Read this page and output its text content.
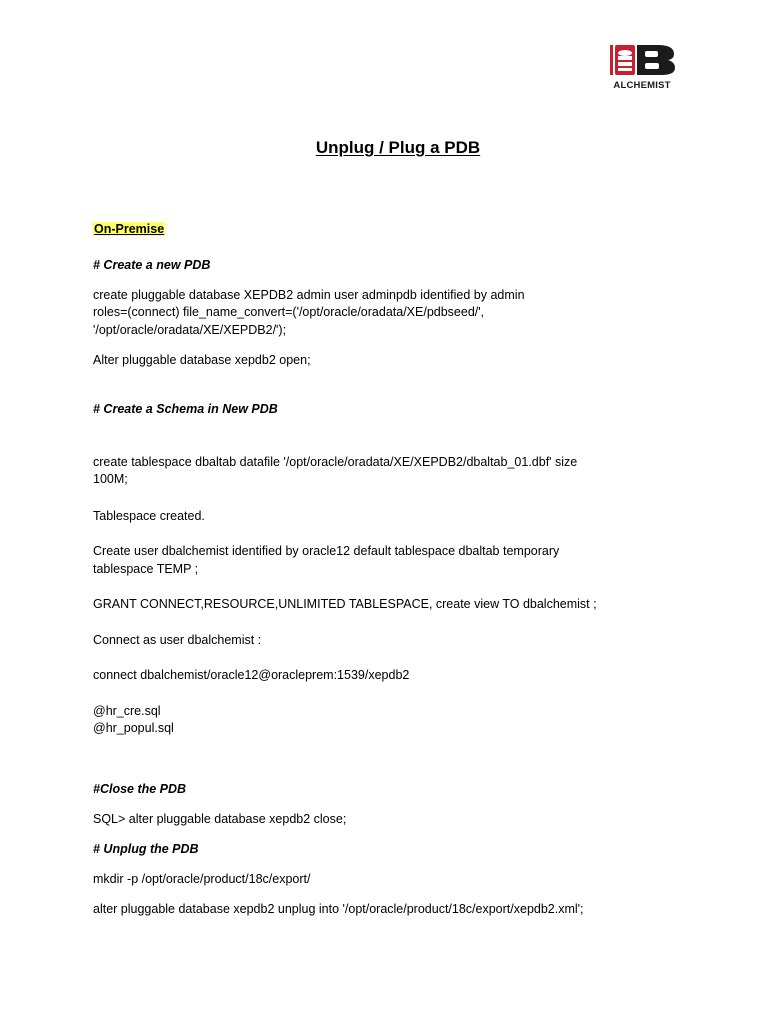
ALCHEMIST
Unplug / Plug a PDB
On-Premise
# Create a new PDB
create pluggable database XEPDB2 admin user adminpdb identified by admin
roles=(connect) file_name_convert=('/opt/oracle/oradata/XE/pdbseed/',
'/opt/oracle/oradata/XE/XEPDB2/');
Alter pluggable database xepdb2 open;
# Create a Schema in New PDB
create tablespace dbaltab datafile '/opt/oracle/oradata/XE/XEPDB2/dbaltab_01.dbf' size
100M;
Tablespace created.
Create user dbalchemist identified by oracle12 default tablespace dbaltab temporary
tablespace TEMP ;
GRANT CONNECT,RESOURCE,UNLIMITED TABLESPACE, create view TO dbalchemist ;
Connect as user dbalchemist :
connect dbalchemist/oracle12@oracleprem:1539/xepdb2
@hr_cre.sql
@hr_popul.sql
#Close the PDB
SQL> alter pluggable database xepdb2 close;
# Unplug the PDB
mkdir -p /opt/oracle/product/18c/export/
alter pluggable database xepdb2 unplug into '/opt/oracle/product/18c/export/xepdb2.xml';
